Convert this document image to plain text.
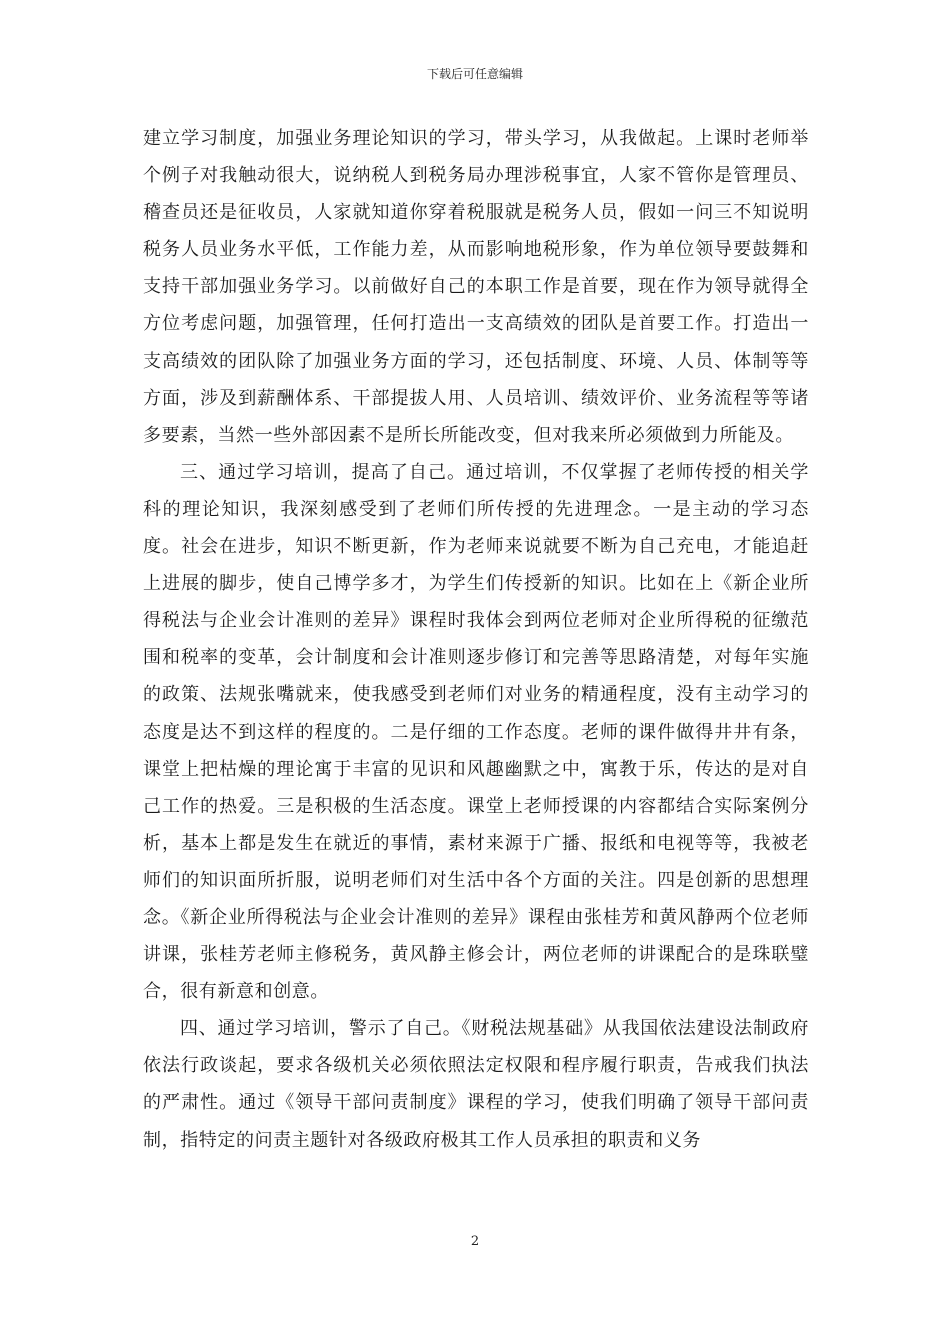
下载后可任意编辑

建立学习制度，加强业务理论知识的学习，带头学习，从我做起。上课时老师举个例子对我触动很大，说纳税人到税务局办理涉税事宜，人家不管你是管理员、稽查员还是征收员，人家就知道你穿着税服就是税务人员，假如一问三不知说明税务人员业务水平低，工作能力差，从而影响地税形象，作为单位领导要鼓舞和支持干部加强业务学习。以前做好自己的本职工作是首要，现在作为领导就得全方位考虑问题，加强管理，任何打造出一支高绩效的团队是首要工作。打造出一支高绩效的团队除了加强业务方面的学习，还包括制度、环境、人员、体制等等方面，涉及到薪酬体系、干部提拔人用、人员培训、绩效评价、业务流程等等诸多要素，当然一些外部因素不是所长所能改变，但对我来所必须做到力所能及。

三、通过学习培训，提高了自己。通过培训，不仅掌握了老师传授的相关学科的理论知识，我深刻感受到了老师们所传授的先进理念。一是主动的学习态度。社会在进步，知识不断更新，作为老师来说就要不断为自己充电，才能追赶上进展的脚步，使自己博学多才，为学生们传授新的知识。比如在上《新企业所得税法与企业会计准则的差异》课程时我体会到两位老师对企业所得税的征缴范围和税率的变革，会计制度和会计准则逐步修订和完善等思路清楚，对每年实施的政策、法规张嘴就来，使我感受到老师们对业务的精通程度，没有主动学习的态度是达不到这样的程度的。二是仔细的工作态度。老师的课件做得井井有条，课堂上把枯燥的理论寓于丰富的见识和风趣幽默之中，寓教于乐，传达的是对自己工作的热爱。三是积极的生活态度。课堂上老师授课的内容都结合实际案例分析，基本上都是发生在就近的事情，素材来源于广播、报纸和电视等等，我被老师们的知识面所折服，说明老师们对生活中各个方面的关注。四是创新的思想理念。《新企业所得税法与企业会计准则的差异》课程由张桂芳和黄风静两个位老师讲课，张桂芳老师主修税务，黄风静主修会计，两位老师的讲课配合的是珠联璧合，很有新意和创意。

四、通过学习培训，警示了自己。《财税法规基础》从我国依法建设法制政府依法行政谈起，要求各级机关必须依照法定权限和程序履行职责，告戒我们执法的严肃性。通过《领导干部问责制度》课程的学习，使我们明确了领导干部问责制，指特定的问责主题针对各级政府极其工作人员承担的职责和义务

2
